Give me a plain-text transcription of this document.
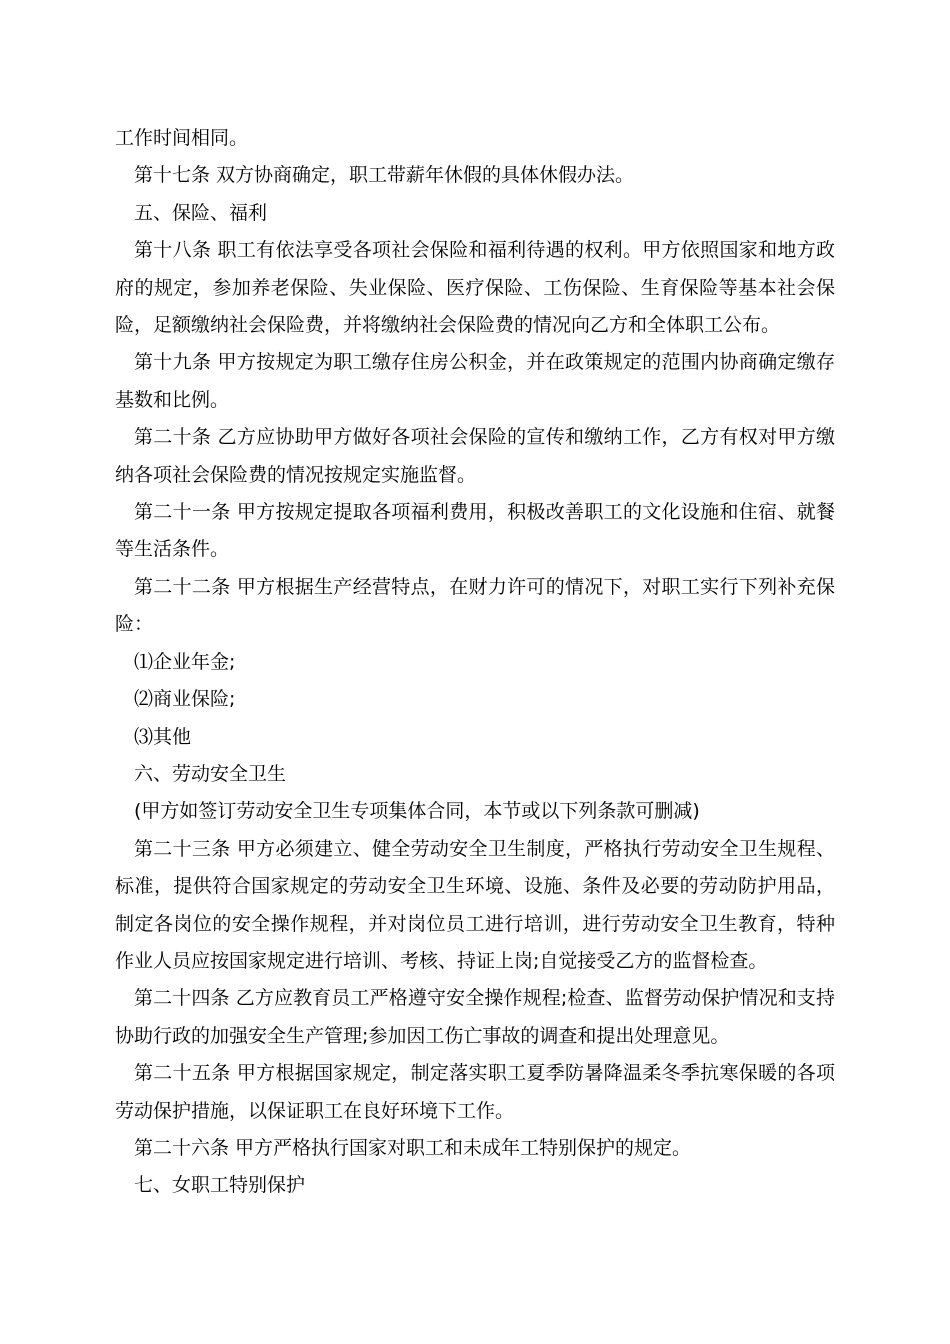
工作时间相同。

第十七条 双方协商确定，职工带薪年休假的具体休假办法。

五、保险、福利

第十八条 职工有依法享受各项社会保险和福利待遇的权利。甲方依照国家和地方政府的规定，参加养老保险、失业保险、医疗保险、工伤保险、生育保险等基本社会保险，足额缴纳社会保险费，并将缴纳社会保险费的情况向乙方和全体职工公布。

第十九条 甲方按规定为职工缴存住房公积金，并在政策规定的范围内协商确定缴存基数和比例。

第二十条 乙方应协助甲方做好各项社会保险的宣传和缴纳工作，乙方有权对甲方缴纳各项社会保险费的情况按规定实施监督。

第二十一条 甲方按规定提取各项福利费用，积极改善职工的文化设施和住宿、就餐等生活条件。

第二十二条 甲方根据生产经营特点，在财力许可的情况下，对职工实行下列补充保险：

⑴企业年金;

⑵商业保险;

⑶其他

六、劳动安全卫生

(甲方如签订劳动安全卫生专项集体合同，本节或以下列条款可删减)

第二十三条 甲方必须建立、健全劳动安全卫生制度，严格执行劳动安全卫生规程、标准，提供符合国家规定的劳动安全卫生环境、设施、条件及必要的劳动防护用品，制定各岗位的安全操作规程，并对岗位员工进行培训，进行劳动安全卫生教育，特种作业人员应按国家规定进行培训、考核、持证上岗;自觉接受乙方的监督检查。

第二十四条 乙方应教育员工严格遵守安全操作规程;检查、监督劳动保护情况和支持协助行政的加强安全生产管理;参加因工伤亡事故的调查和提出处理意见。

第二十五条 甲方根据国家规定，制定落实职工夏季防暑降温柔冬季抗寒保暖的各项劳动保护措施，以保证职工在良好环境下工作。

第二十六条 甲方严格执行国家对职工和未成年工特别保护的规定。

七、女职工特别保护
